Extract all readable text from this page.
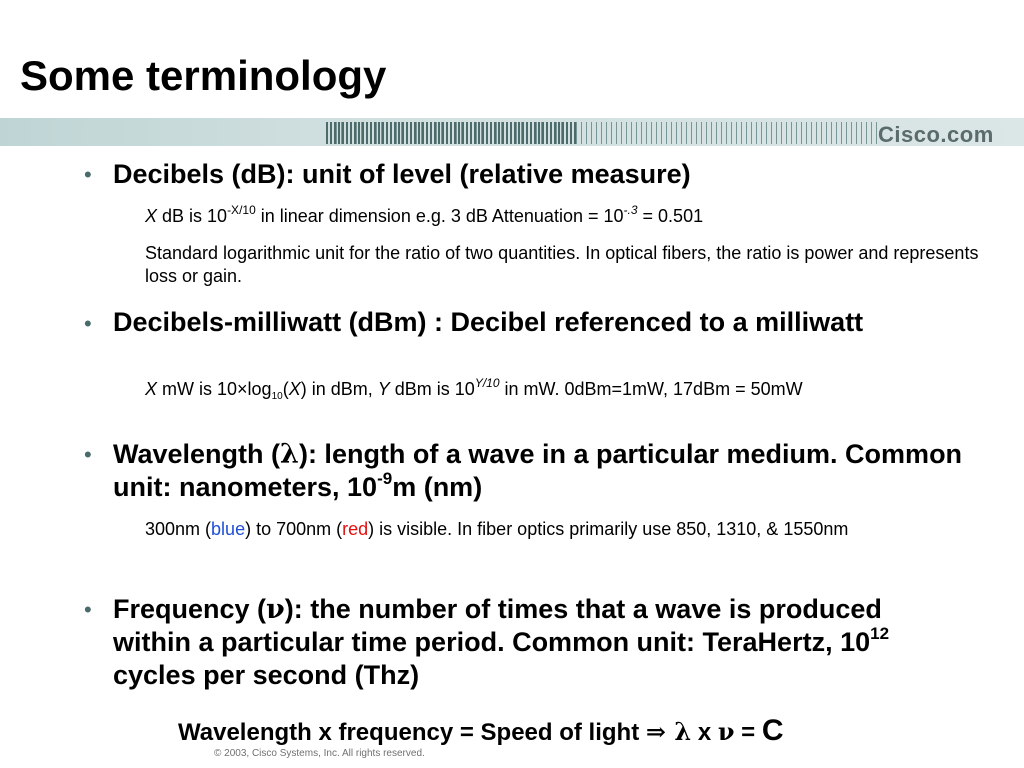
Some terminology
Cisco.com
• Decibels (dB): unit of level (relative measure)
X dB is $10^{-X/10}$ in linear dimension e.g. 3 dB Attenuation = $10^{-.3} = 0.501$
Standard logarithmic unit for the ratio of two quantities. In optical fibers, the ratio is power and represents loss or gain.
• Decibels-milliwatt (dBm) : Decibel referenced to a milliwatt
X mW is $10\times\log_{10}(X)$ in dBm, Y dBm is $10^{Y/10}$ in mW. 0dBm=1mW, 17dBm = 50mW
• Wavelength (λ): length of a wave in a particular medium. Common unit: nanometers, $10^{-9}m$ (nm)
300nm (blue) to 700nm (red) is visible. In fiber optics primarily use 850, 1310, & 1550nm
• Frequency (ν): the number of times that a wave is produced within a particular time period. Common unit: TeraHertz, $10^{12}$ cycles per second (Thz)
Wavelength x frequency = Speed of light ⇒ λ x ν = C
© 2003, Cisco Systems, Inc. All rights reserved.
